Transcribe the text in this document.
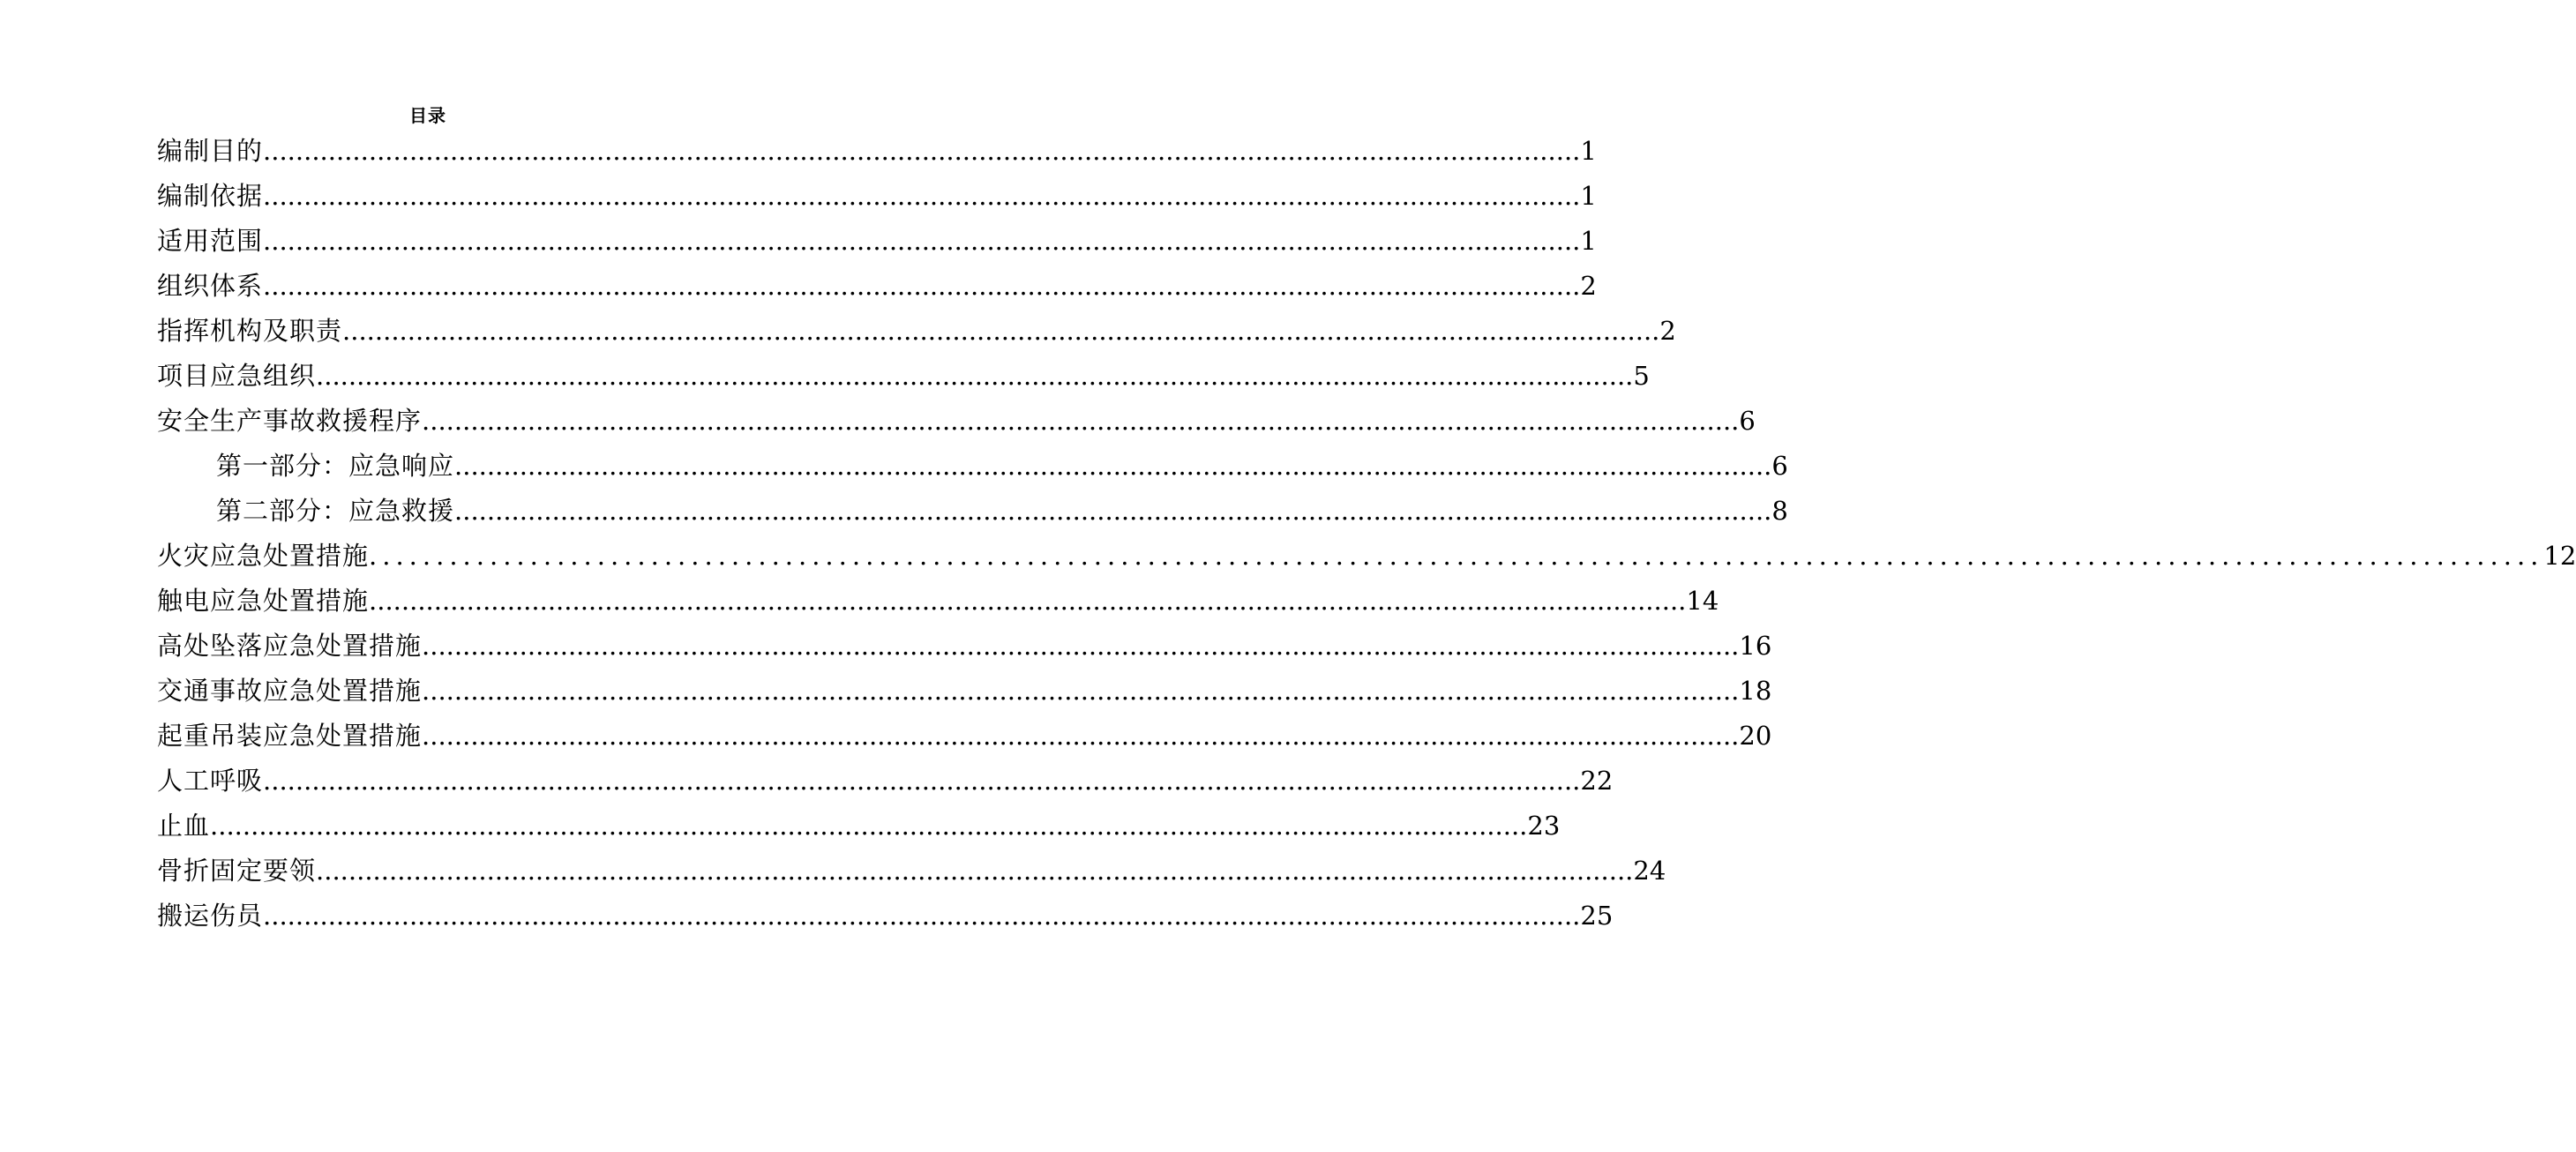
目录
编制目的 .................................................................................................................................................................. 1
编制依据 .................................................................................................................................................................. 1
适用范围 .................................................................................................................................................................. 1
组织体系 .................................................................................................................................................................. 2
指挥机构及职责 .................................................................................................................................................................. 2
项目应急组织 .................................................................................................................................................................. 5
安全生产事故救援程序 .................................................................................................................................................................. 6
第一部分：应急响应 .................................................................................................................................................................. 6
第二部分：应急救援 .................................................................................................................................................................. 8
火灾应急处置措施 .................................................................................................................................................................. 12
触电应急处置措施 .................................................................................................................................................................. 14
高处坠落应急处置措施 .................................................................................................................................................................. 16
交通事故应急处置措施 .................................................................................................................................................................. 18
起重吊装应急处置措施 .................................................................................................................................................................. 20
人工呼吸 .................................................................................................................................................................. 22
止血 .................................................................................................................................................................. 23
骨折固定要领 .................................................................................................................................................................. 24
搬运伤员 .................................................................................................................................................................. 25
